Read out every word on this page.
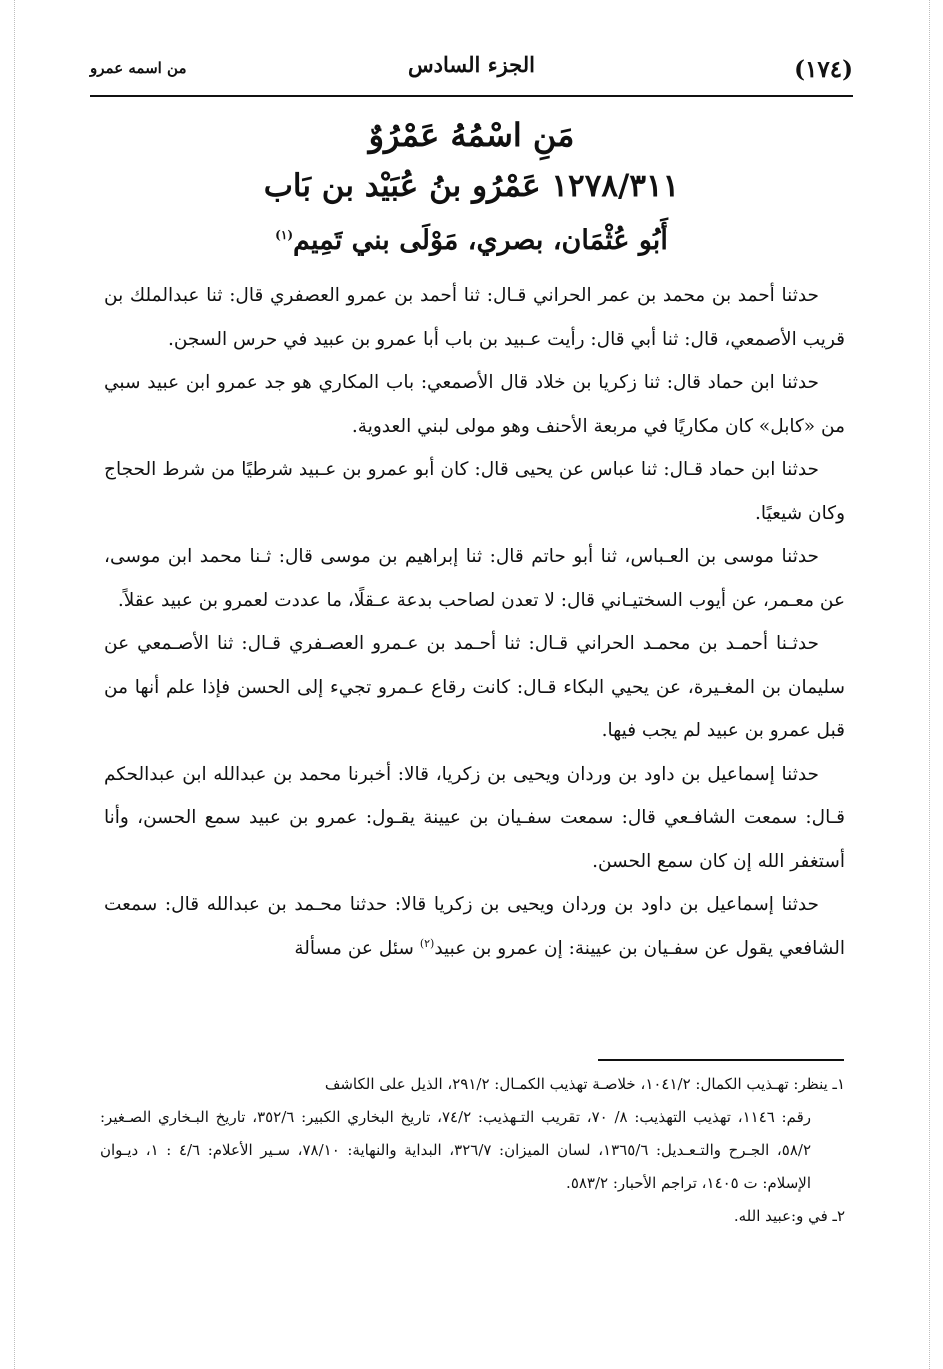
(١٧٤)
الجزء السادس
من اسمه عمرو
مَنِ اسْمُهُ عَمْرُوٌ
١٢٧٨/٣١١ عَمْرُو بنُ عُبَيْد بن بَاب
أَبُو عُثْمَان، بصري، مَوْلَى بني تَمِيم$^{(١)}$

حدثنا أحمد بن محمد بن عمر الحراني قـال: ثنا أحمد بن عمرو العصفري قال: ثنا عبدالملك بن قريب الأصمعي، قال: ثنا أبي قال: رأيت عـبيد بن باب أبا عمرو بن عبيد في حرس السجن.

حدثنا ابن حماد قال: ثنا زكريا بن خلاد قال الأصمعي: باب المكاري هو جد عمرو ابن عبيد سبي من «كابل» كان مكاريًا في مربعة الأحنف وهو مولى لبني العدوية.

حدثنا ابن حماد قـال: ثنا عباس عن يحيى قال: كان أبو عمرو بن عـبيد شرطيًا من شرط الحجاج وكان شيعيًا.

حدثنا موسى بن العـباس، ثنا أبو حاتم قال: ثنا إبراهيم بن موسى قال: ثـنا محمد ابن موسى، عن معـمر، عن أيوب السختيـاني قال: لا تعدن لصاحب بدعة عـقلًا، ما عددت لعمرو بن عبيد عقلاً.

حدثـنا أحمـد بن محمـد الحراني قـال: ثنا أحـمد بن عـمرو العصـفري قـال: ثنا الأصـمعي عن سليمان بن المغـيرة، عن يحيي البكاء قـال: كانت رقاع عـمرو تجيء إلى الحسن فإذا علم أنها من قبل عمرو بن عبيد لم يجب فيها.

حدثنا إسماعيل بن داود بن وردان ويحيى بن زكريا، قالا: أخبرنا محمد بن عبدالله ابن عبدالحكم قـال: سمعت الشافـعي قال: سمعت سفـيان بن عيينة يقـول: عمرو بن عبيد سمع الحسن، وأنا أستغفر الله إن كان سمع الحسن.

حدثنا إسماعيل بن داود بن وردان ويحيى بن زكريا قالا: حدثنا محـمد بن عبدالله قال: سمعت الشافعي يقول عن سفـيان بن عيينة: إن عمرو بن عبيد$^{(٢)}$ سئل عن مسألة

١ـ ينظر: تهـذيب الكمال: ١٠٤١/٢، خلاصـة تهذيب الكمـال: ٢٩١/٢، الذيل على الكاشف

رقم: ١١٤٦، تهذيب التهذيب: ٨/ ٧٠، تقريب التـهذيب: ٧٤/٢، تاريخ البخاري الكبير: ٣٥٢/٦، تاريخ البـخاري الصـغير: ٥٨/٢، الجـرح والتـعـديل: ١٣٦٥/٦، لسان الميزان: ٣٢٦/٧، البداية والنهاية: ٧٨/١٠، سـير الأعلام: ٤/٦ : ١، ديـوان الإسلام: ت ١٤٠٥، تراجم الأحبار: ٥٨٣/٢.

٢ـ في و:عبيد الله.
